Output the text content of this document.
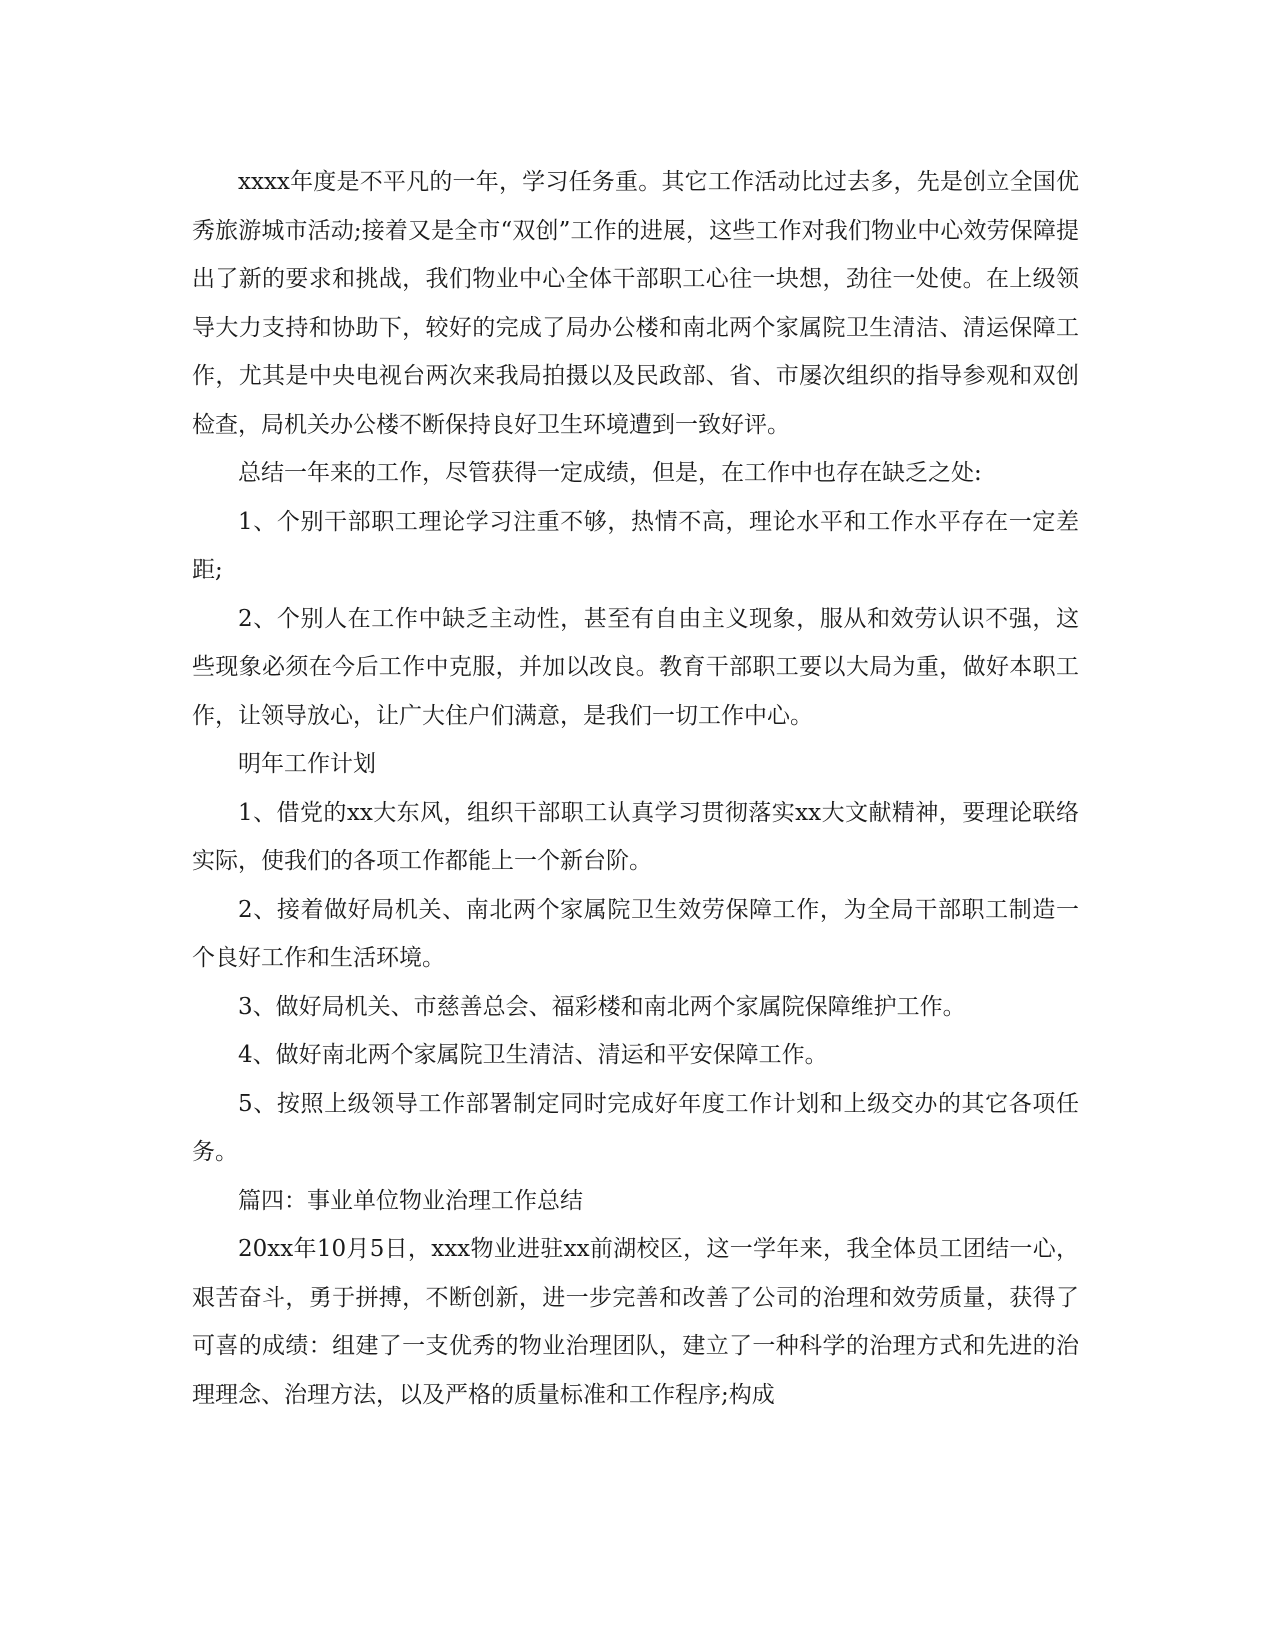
xxxx年度是不平凡的一年，学习任务重。其它工作活动比过去多，先是创立全国优秀旅游城市活动;接着又是全市“双创”工作的进展，这些工作对我们物业中心效劳保障提出了新的要求和挑战，我们物业中心全体干部职工心往一块想，劲往一处使。在上级领导大力支持和协助下，较好的完成了局办公楼和南北两个家属院卫生清洁、清运保障工作，尤其是中央电视台两次来我局拍摄以及民政部、省、市屡次组织的指导参观和双创检查，局机关办公楼不断保持良好卫生环境遭到一致好评。

总结一年来的工作，尽管获得一定成绩，但是，在工作中也存在缺乏之处:

1、个别干部职工理论学习注重不够，热情不高，理论水平和工作水平存在一定差距;

2、个别人在工作中缺乏主动性，甚至有自由主义现象，服从和效劳认识不强，这些现象必须在今后工作中克服，并加以改良。教育干部职工要以大局为重，做好本职工作，让领导放心，让广大住户们满意，是我们一切工作中心。

明年工作计划

1、借党的xx大东风，组织干部职工认真学习贯彻落实xx大文献精神，要理论联络实际，使我们的各项工作都能上一个新台阶。

2、接着做好局机关、南北两个家属院卫生效劳保障工作，为全局干部职工制造一个良好工作和生活环境。

3、做好局机关、市慈善总会、福彩楼和南北两个家属院保障维护工作。

4、做好南北两个家属院卫生清洁、清运和平安保障工作。

5、按照上级领导工作部署制定同时完成好年度工作计划和上级交办的其它各项任务。

篇四：事业单位物业治理工作总结

20xx年10月5日，xxx物业进驻xx前湖校区，这一学年来，我全体员工团结一心，艰苦奋斗，勇于拼搏，不断创新，进一步完善和改善了公司的治理和效劳质量，获得了可喜的成绩：组建了一支优秀的物业治理团队，建立了一种科学的治理方式和先进的治理理念、治理方法，以及严格的质量标准和工作程序;构成
